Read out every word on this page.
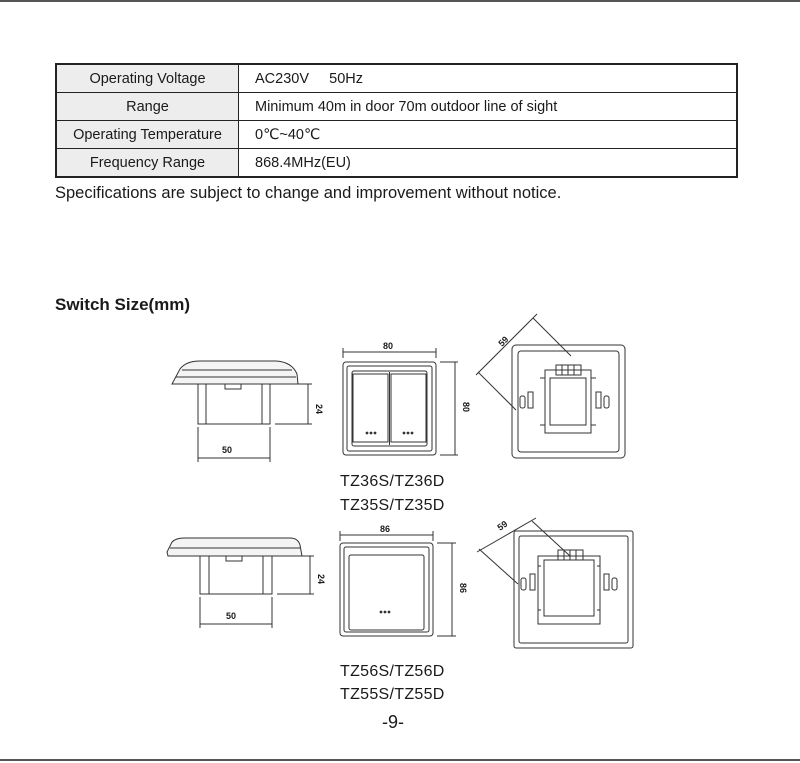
Operating Voltage	AC230V     50Hz
Range	Minimum 40m in door 70m outdoor line of sight
Operating Temperature	0℃~40℃
Frequency Range	868.4MHz(EU)
Specifications are subject to change and improvement without notice.
Switch Size(mm)
50
24
80
80
59
50
24
86
86
59
TZ36S/TZ36D
TZ35S/TZ35D
TZ56S/TZ56D
TZ55S/TZ55D
-9-
